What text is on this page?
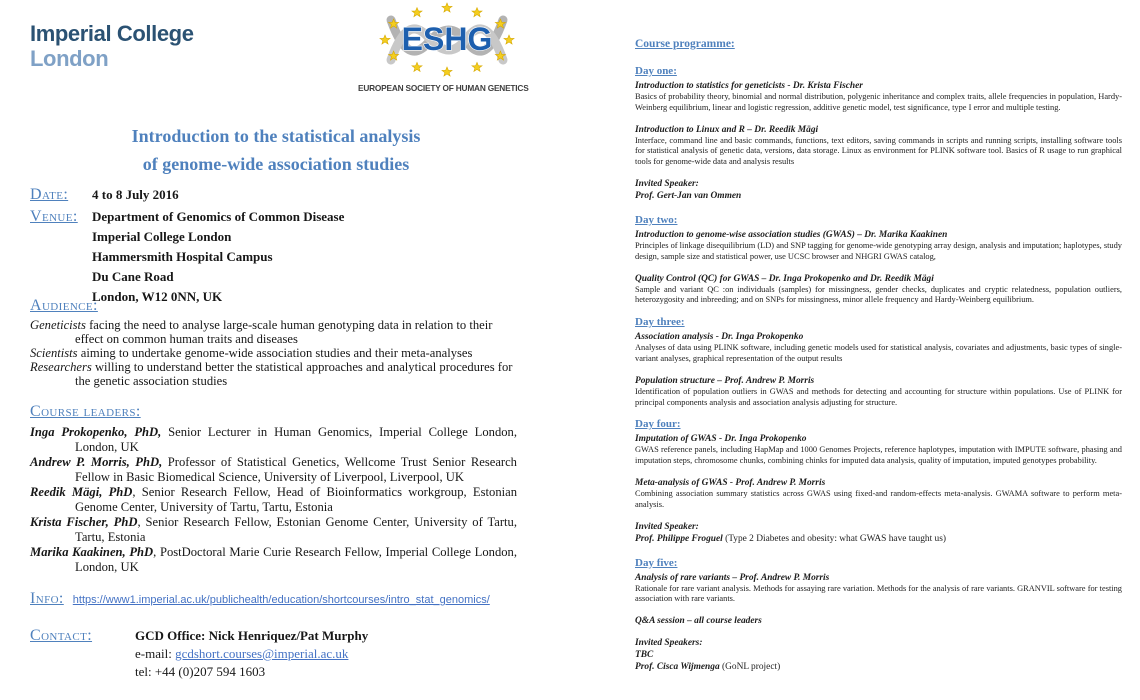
Imperial College
London
ESHG
EUROPEAN SOCIETY OF HUMAN GENETICS
Introduction to the statistical analysis
of genome-wide association studies
Date:	4 to 8 July 2016
Venue:	Department of Genomics of Common Disease
Imperial College London
Hammersmith Hospital Campus
Du Cane Road
London, W12 0NN, UK
Audience:

Geneticists facing the need to analyse large-scale human genotyping data in relation to their effect on common human traits and diseases

Scientists aiming to undertake genome-wide association studies and their meta-analyses

Researchers willing to understand better the statistical approaches and analytical procedures for the genetic association studies

Course leaders:

Inga Prokopenko, PhD, Senior Lecturer in Human Genomics, Imperial College London, London, UK

Andrew P. Morris, PhD, Professor of Statistical Genetics, Wellcome Trust Senior Research Fellow in Basic Biomedical Science, University of Liverpool, Liverpool, UK

Reedik Mägi, PhD, Senior Research Fellow, Head of Bioinformatics workgroup, Estonian Genome Center, University of Tartu, Tartu, Estonia

Krista Fischer, PhD, Senior Research Fellow, Estonian Genome Center, University of Tartu, Tartu, Estonia

Marika Kaakinen, PhD, PostDoctoral Marie Curie Research Fellow, Imperial College London, London, UK

Info: https://www1.imperial.ac.uk/publichealth/education/shortcourses/intro_stat_genomics/
Contact:	GCD Office: Nick Henriquez/Pat Murphy
e-mail: gcdshort.courses@imperial.ac.uk
tel: +44 (0)207 594 1603
Course programme:
Day one:

Introduction to statistics for geneticists - Dr. Krista Fischer

Basics of probability theory, binomial and normal distribution, polygenic inheritance and complex traits, allele frequencies in population, Hardy-Weinberg equilibrium, linear and logistic regression, additive genetic model, test significance, type I error and multiple testing.

Introduction to Linux and R – Dr. Reedik Mägi

Interface, command line and basic commands, functions, text editors, saving commands in scripts and running scripts, installing software tools for statistical analysis of genetic data, versions, data storage. Linux as environment for PLINK software tool. Basics of R usage to run graphical tools for genome-wide data and analysis results

Invited Speaker:

Prof. Gert-Jan van Ommen

Day two:

Introduction to genome-wise association studies (GWAS) – Dr. Marika Kaakinen

Principles of linkage disequilibrium (LD) and SNP tagging for genome-wide genotyping array design, analysis and imputation; haplotypes, study design, sample size and statistical power, use UCSC browser and NHGRI GWAS catalog,

Quality Control (QC) for GWAS – Dr. Inga Prokopenko and Dr. Reedik Mägi

Sample and variant QC :on individuals (samples) for missingness, gender checks, duplicates and cryptic relatedness, population outliers, heterozygosity and inbreeding; and on SNPs for missingness, minor allele frequency and Hardy-Weinberg equilibrium.

Day three:

Association analysis - Dr. Inga Prokopenko

Analyses of data using PLINK software, including genetic models used for statistical analysis, covariates and adjustments, basic types of single-variant analyses, graphical representation of the output results

Population structure – Prof. Andrew P. Morris

Identification of population outliers in GWAS and methods for detecting and accounting for structure within populations. Use of PLINK for principal components analysis and association analysis adjusting for structure.

Day four:

Imputation of GWAS - Dr. Inga Prokopenko

GWAS reference panels, including HapMap and 1000 Genomes Projects, reference haplotypes, imputation with IMPUTE software, phasing and imputation steps, chromosome chunks, combining chinks for imputed data analysis, quality of imputation, imputed genotypes probability.

Meta-analysis of GWAS - Prof. Andrew P. Morris

Combining association summary statistics across GWAS using fixed-and random-effects meta-analysis. GWAMA software to perform meta-analysis.

Invited Speaker:

Prof. Philippe Froguel (Type 2 Diabetes and obesity: what GWAS have taught us)

Day five:

Analysis of rare variants – Prof. Andrew P. Morris

Rationale for rare variant analysis. Methods for assaying rare variation. Methods for the analysis of rare variants. GRANVIL software for testing association with rare variants.

Q&A session – all course leaders

Invited Speakers:

TBC

Prof. Cisca Wijmenga (GoNL project)
